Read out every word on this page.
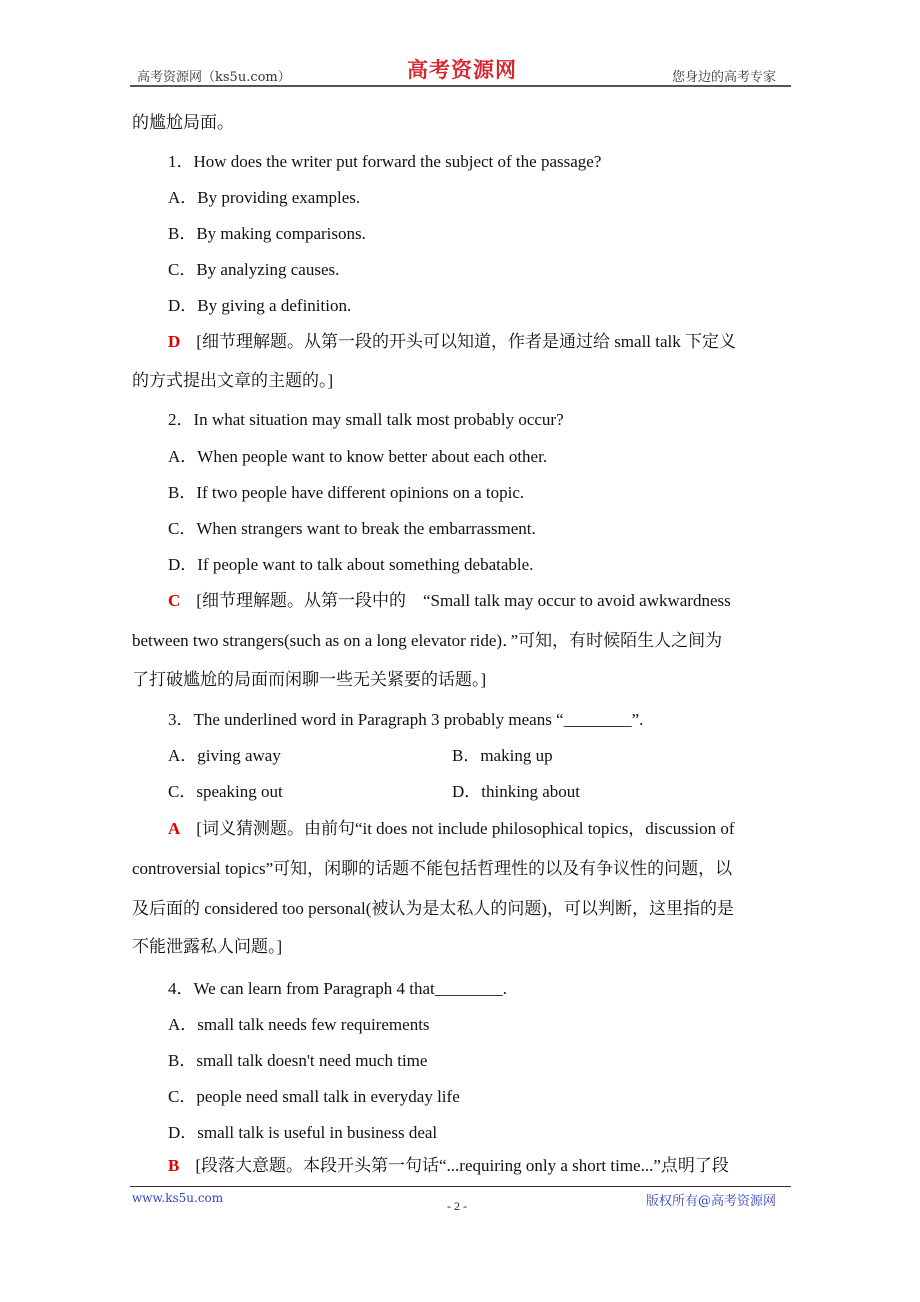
高考资源网（ks5u.com）	高考资源网	您身边的高考专家
的尴尬局面。
1．How does the writer put forward the subject of the passage?
A．By providing examples.
B．By making comparisons.
C．By analyzing causes.
D．By giving a definition.
D [细节理解题。从第一段的开头可以知道，作者是通过给 small talk 下定义
的方式提出文章的主题的。]
2．In what situation may small talk most probably occur?
A．When people want to know better about each other.
B．If two people have different opinions on a topic.
C．When strangers want to break the embarrassment.
D．If people want to talk about something debatable.
C [细节理解题。从第一段中的　“Small talk may occur to avoid awkwardness
between two strangers(such as on a long elevator ride)．”可知，有时候陌生人之间为
了打破尴尬的局面而闲聊一些无关紧要的话题。]
3．The underlined word in Paragraph 3 probably means “________”.
A．giving away	B．making up
C．speaking out	D．thinking about
A [词义猜测题。由前句“it does not include philosophical topics，discussion of
controversial topics”可知，闲聊的话题不能包括哲理性的以及有争议性的问题，以
及后面的 considered too personal(被认为是太私人的问题)，可以判断，这里指的是
不能泄露私人问题。]
4．We can learn from Paragraph 4 that________.
A．small talk needs few requirements
B．small talk doesn't need much time
C．people need small talk in everyday life
D．small talk is useful in business deal
B [段落大意题。本段开头第一句话“...requiring only a short time...”点明了段
www.ks5u.com
- 2 -	版权所有@高考资源网
